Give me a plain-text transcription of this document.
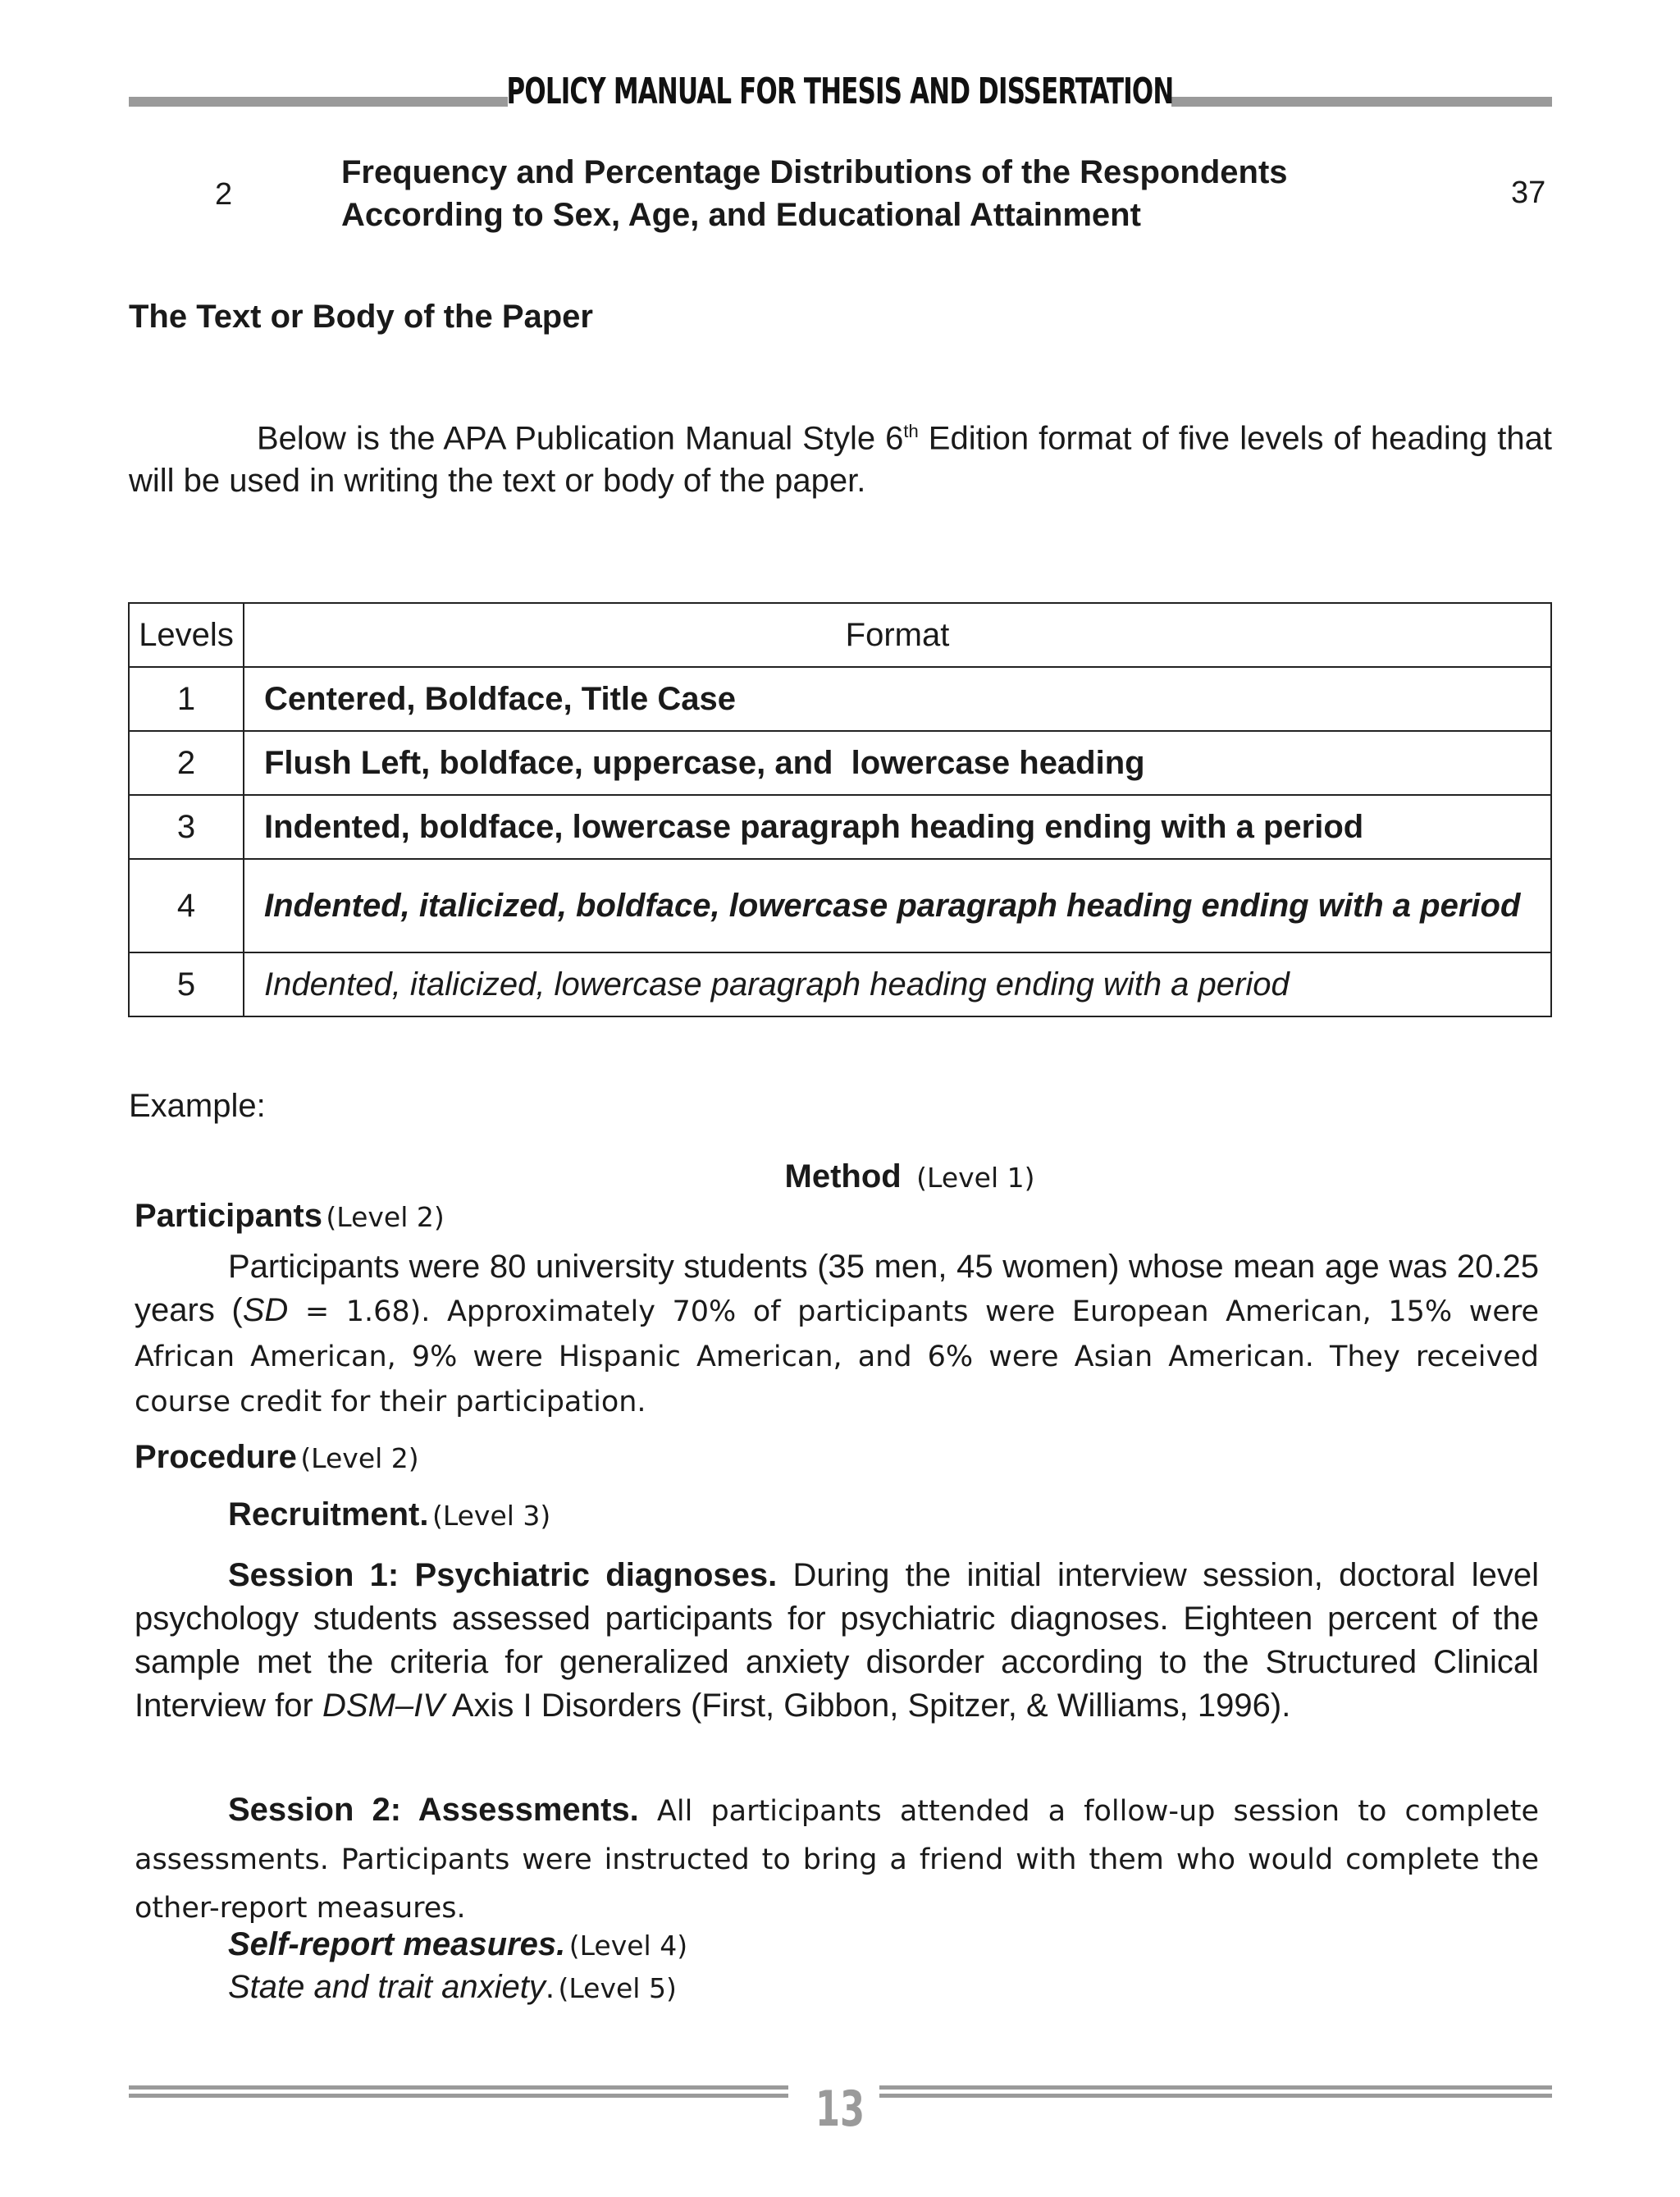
POLICY MANUAL FOR THESIS AND DISSERTATION
2
Frequency and Percentage Distributions of the Respondents
According to Sex, Age, and Educational Attainment
37
The Text or Body of the Paper
Below is the APA Publication Manual Style 6th Edition format of five levels of heading that will be used in writing the text or body of the paper.
Levels	Format
1	Centered, Boldface, Title Case
2	Flush Left, boldface, uppercase, and  lowercase heading
3	Indented, boldface, lowercase paragraph heading ending with a period
4	Indented, italicized, boldface, lowercase paragraph heading ending with a period
5	Indented, italicized, lowercase paragraph heading ending with a period
Example:
Method (Level 1)
Participants (Level 2)
Participants were 80 university students (35 men, 45 women) whose mean age was 20.25 years (SD = 1.68). Approximately 70% of participants were European American, 15% were African American, 9% were Hispanic American, and 6% were Asian American. They received course credit for their participation.
Procedure (Level 2)
Recruitment. (Level 3)
Session 1: Psychiatric diagnoses. During the initial interview session, doctoral level psychology students assessed participants for psychiatric diagnoses. Eighteen percent of the sample met the criteria for generalized anxiety disorder according to the Structured Clinical Interview for DSM–IV Axis I Disorders (First, Gibbon, Spitzer, & Williams, 1996).
Session 2: Assessments. All participants attended a follow-up session to complete assessments. Participants were instructed to bring a friend with them who would complete the other-report measures.
Self-report measures. (Level 4)
State and trait anxiety. (Level 5)
13
